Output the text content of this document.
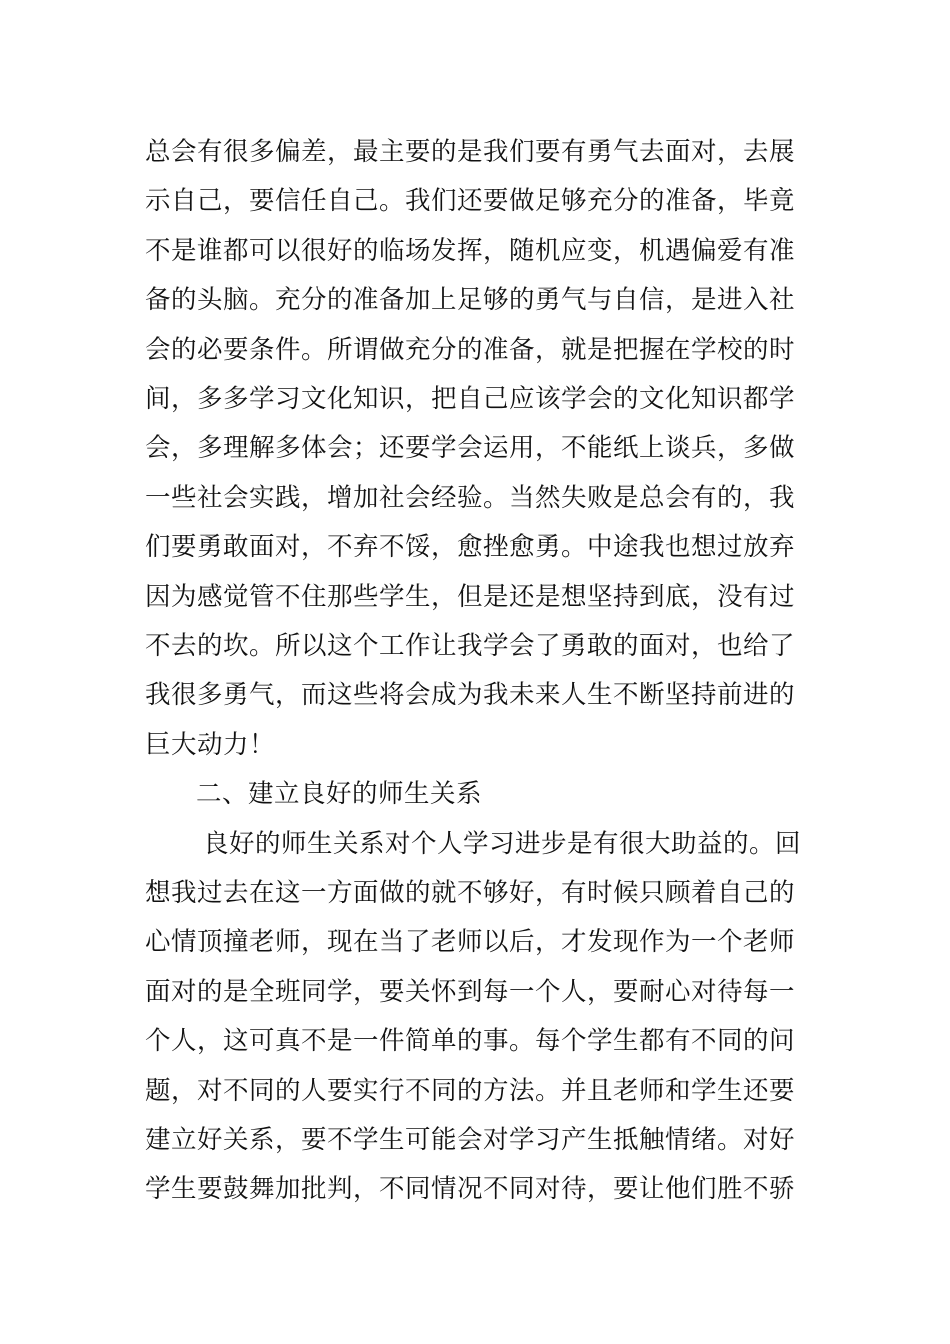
总会有很多偏差，最主要的是我们要有勇气去面对，去展
示自己，要信任自己。我们还要做足够充分的准备，毕竟
不是谁都可以很好的临场发挥，随机应变，机遇偏爱有准
备的头脑。充分的准备加上足够的勇气与自信，是进入社
会的必要条件。所谓做充分的准备，就是把握在学校的时
间，多多学习文化知识，把自己应该学会的文化知识都学
会，多理解多体会；还要学会运用，不能纸上谈兵，多做
一些社会实践，增加社会经验。当然失败是总会有的，我
们要勇敢面对，不弃不馁，愈挫愈勇。中途我也想过放弃
因为感觉管不住那些学生，但是还是想坚持到底，没有过
不去的坎。所以这个工作让我学会了勇敢的面对，也给了
我很多勇气，而这些将会成为我未来人生不断坚持前进的
巨大动力！
二、建立良好的师生关系
良好的师生关系对个人学习进步是有很大助益的。回
想我过去在这一方面做的就不够好，有时候只顾着自己的
心情顶撞老师，现在当了老师以后，才发现作为一个老师
面对的是全班同学，要关怀到每一个人，要耐心对待每一
个人，这可真不是一件简单的事。每个学生都有不同的问
题，对不同的人要实行不同的方法。并且老师和学生还要
建立好关系，要不学生可能会对学习产生抵触情绪。对好
学生要鼓舞加批判，不同情况不同对待，要让他们胜不骄
